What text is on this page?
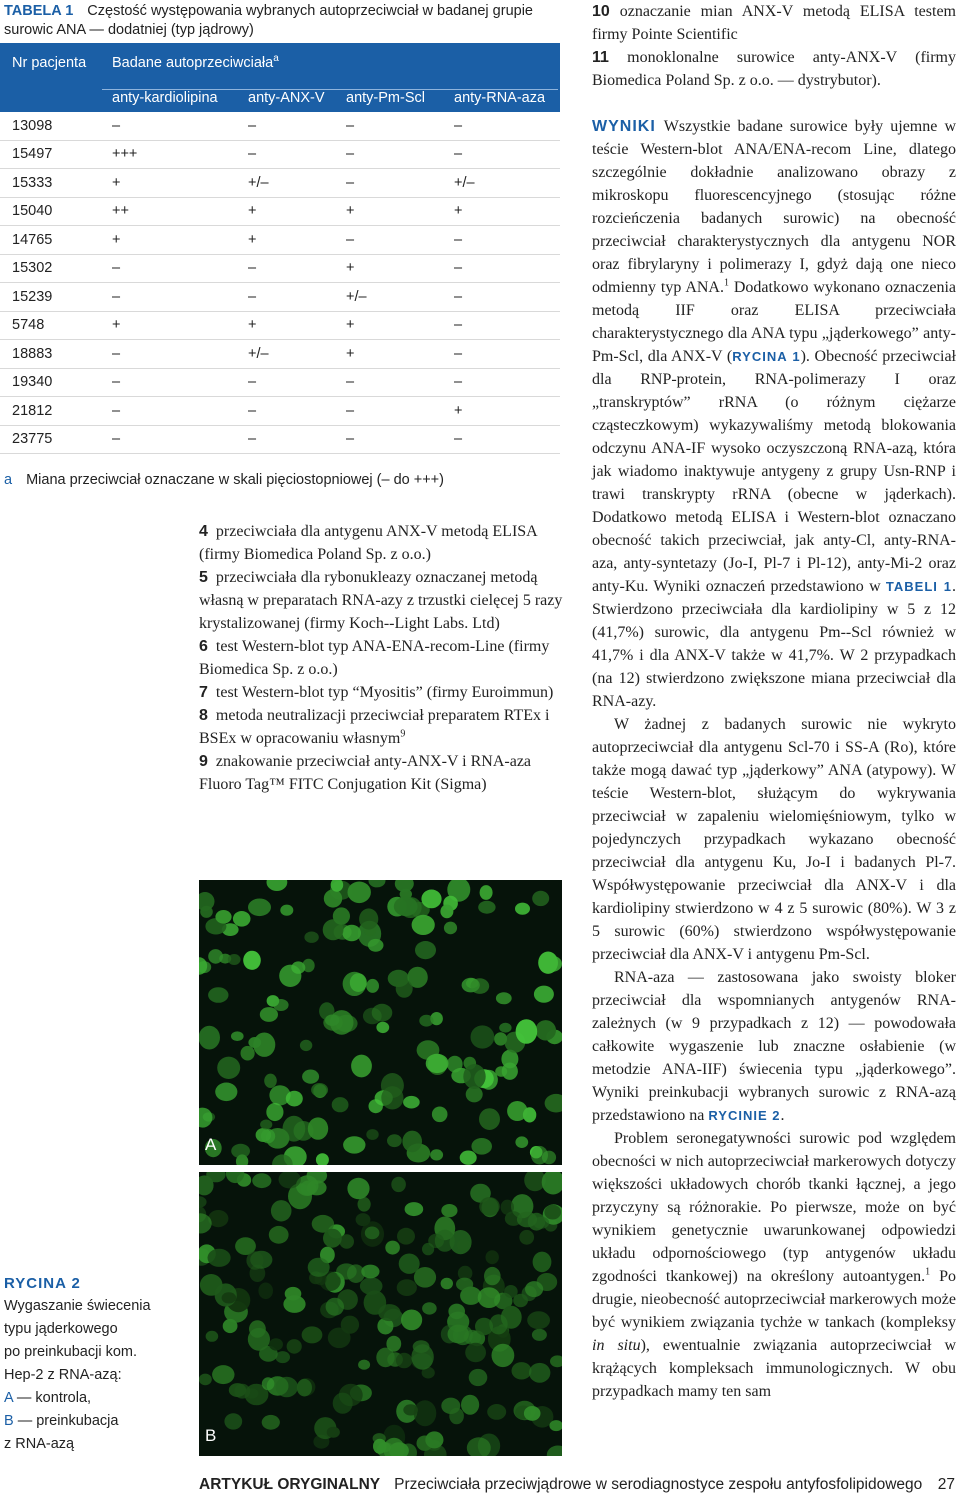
TABELA 1 Częstość występowania wybranych autoprzeciwciał w badanej grupie surowic ANA — dodatniej (typ jądrowy)
Nr pacjenta Badane autoprzeciwciała$^a$
anty-kardiolipina anty-ANX-V anty-Pm-Scl anty-RNA-aza
13098	–	–	–	–
15497	+++	–	–	–
15333	+	+/–	–	+/–
15040	++	+	+	+
14765	+	+	–	–
15302	–	–	+	–
15239	–	–	+/–	–
5748	+	+	+	–
18883	–	+/–	+	–
19340	–	–	–	–
21812	–	–	–	+
23775	–	–	–	–
a Miana przeciwciał oznaczane w skali pięciostopniowej (– do +++)

4 przeciwciała dla antygenu ANX-V metodą ELISA (firmy Biomedica Poland Sp. z o.o.)

5 przeciwciała dla rybonukleazy oznaczanej metodą własną w preparatach RNA-azy z trzustki cielęcej 5 razy krystalizowanej (firmy Koch--Light Labs. Ltd)

6 test Western-blot typ ANA-ENA-recom-Line (firmy Biomedica Sp. z o.o.)

7 test Western-blot typ “Myositis” (firmy Euroimmun)

8 metoda neutralizacji przeciwciał preparatem RTEx i BSEx w opracowaniu własnym$^9$

9 znakowanie przeciwciał anty-ANX-V i RNA-aza Fluoro Tag™ FITC Conjugation Kit (Sigma)

A
B
RYCINA 2
Wygaszanie świecenia
typu jąderkowego
po preinkubacji kom.
Hep-2 z RNA-azą:
A — kontrola,
B — preinkubacja
z RNA-azą

10 oznaczanie mian ANX-V metodą ELISA testem firmy Pointe Scientific

11 monoklonalne surowice anty-ANX-V (firmy Biomedica Poland Sp. z o.o. — dystrybutor).

WYNIKI Wszystkie badane surowice były ujemne w teście Western-blot ANA/ENA-recom Line, dlatego szczególnie dokładnie analizowano obrazy z mikroskopu fluorescencyjnego (stosując różne rozcieńczenia badanych surowic) na obecność przeciwciał charakterystycznych dla antygenu NOR oraz fibrylaryny i polimerazy I, gdyż dają one nieco odmienny typ ANA.$^1$ Dodatkowo wykonano oznaczenia metodą IIF oraz ELISA przeciwciała charakterystycznego dla ANA typu „jąderkowego” anty-Pm-Scl, dla ANX-V (RYCINA 1). Obecność przeciwciał dla RNP-protein, RNA-polimerazy I oraz „transkryptów” rRNA (o różnym ciężarze cząsteczkowym) wykazywaliśmy metodą blokowania odczynu ANA-IF wysoko oczyszczoną RNA-azą, która jak wiadomo inaktywuje antygeny z grupy Usn-RNP i trawi transkrypty rRNA (obecne w jąderkach). Dodatkowo metodą ELISA i Western-blot oznaczano obecność takich przeciwciał, jak anty-Cl, anty-RNA-aza, anty-syntetazy (Jo-I, Pl-7 i Pl-12), anty-Mi-2 oraz anty-Ku. Wyniki oznaczeń przedstawiono w TABELI 1. Stwierdzono przeciwciała dla kardiolipiny w 5 z 12 (41,7%) surowic, dla antygenu Pm--Scl również w 41,7% i dla ANX-V także w 41,7%. W 2 przypadkach (na 12) stwierdzono zwiększone miana przeciwciał dla RNA-azy.

W żadnej z badanych surowic nie wykryto autoprzeciwciał dla antygenu Scl-70 i SS-A (Ro), które także mogą dawać typ „jąderkowy” ANA (atypowy). W teście Western-blot, służącym do wykrywania przeciwciał w zapaleniu wielomięśniowym, tylko w pojedynczych przypadkach wykazano obecność przeciwciał dla antygenu Ku, Jo-I i badanych Pl-7. Współwystępowanie przeciwciał dla ANX-V i dla kardiolipiny stwierdzono w 4 z 5 surowic (80%). W 3 z 5 surowic (60%) stwierdzono współwystępowanie przeciwciał dla ANX-V i antygenu Pm-Scl.

RNA-aza — zastosowana jako swoisty bloker przeciwciał dla wspomnianych antygenów RNA-zależnych (w 9 przypadkach z 12) — powodowała całkowite wygaszenie lub znaczne osłabienie (w metodzie ANA-IIF) świecenia typu „jąderkowego”. Wyniki preinkubacji wybranych surowic z RNA-azą przedstawiono na RYCINIE 2.

Problem seronegatywności surowic pod względem obecności w nich autoprzeciwciał markerowych dotyczy większości układowych chorób tkanki łącznej, a jego przyczyny są różnorakie. Po pierwsze, może on być wynikiem genetycznie uwarunkowanej odpowiedzi układu odpornościowego (typ antygenów układu zgodności tkankowej) na określony autoantygen.$^1$ Po drugie, nieobecność autoprzeciwciał markerowych może być wynikiem związania tychże w tankach (kompleksy in situ), ewentualnie związania autoprzeciwciał w krążących kompleksach immunologicznych. W obu przypadkach mamy ten sam

ARTYKUŁ ORYGINALNY Przeciwciała przeciwjądrowe w serodiagnostyce zespołu antyfosfolipidowego 27
